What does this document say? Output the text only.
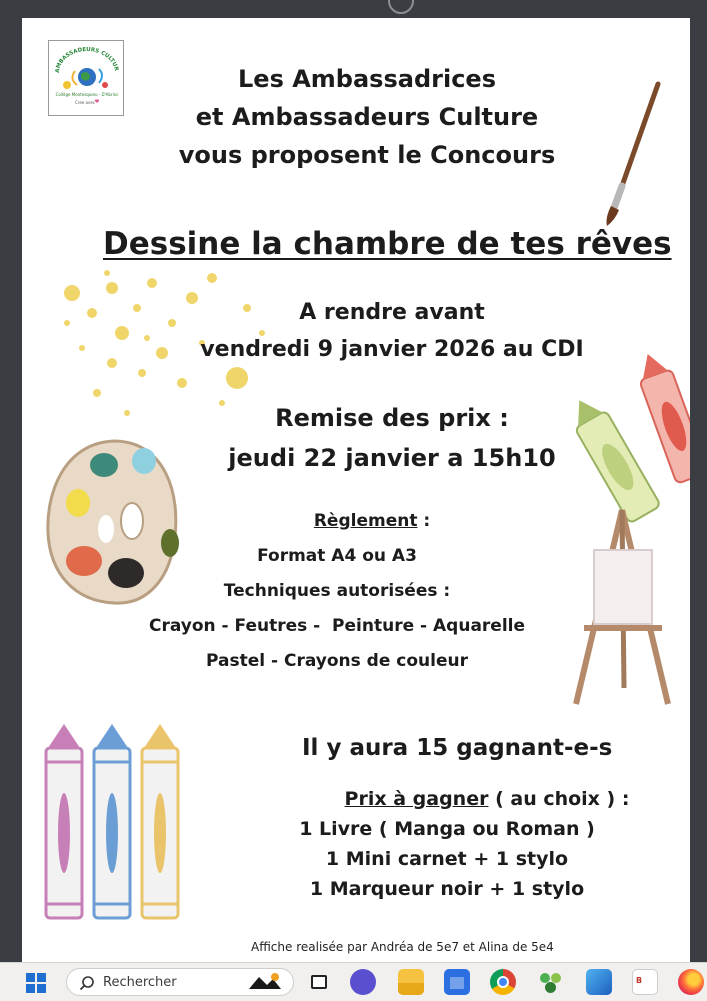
AMBASSADEURS CULTUR
Collège Montesquieu - D'Abrinc
Cree avec
Les Ambassadrices
et Ambassadeurs Culture
vous proposent le Concours
Dessine la chambre de tes rêves
A rendre avant
vendredi 9 janvier 2026 au CDI
Remise des prix :
jeudi 22 janvier a 15h10
Règlement :
Format A4 ou A3
Techniques autorisées :
Crayon - Feutres -  Peinture - Aquarelle
Pastel - Crayons de couleur
Il y aura 15 gagnant-e-s
Prix à gagner ( au choix ) :
1 Livre ( Manga ou Roman )
1 Mini carnet + 1 stylo
1 Marqueur noir + 1 stylo
Affiche realisée par Andréa de 5e7 et Alina de 5e4
Rechercher	B
